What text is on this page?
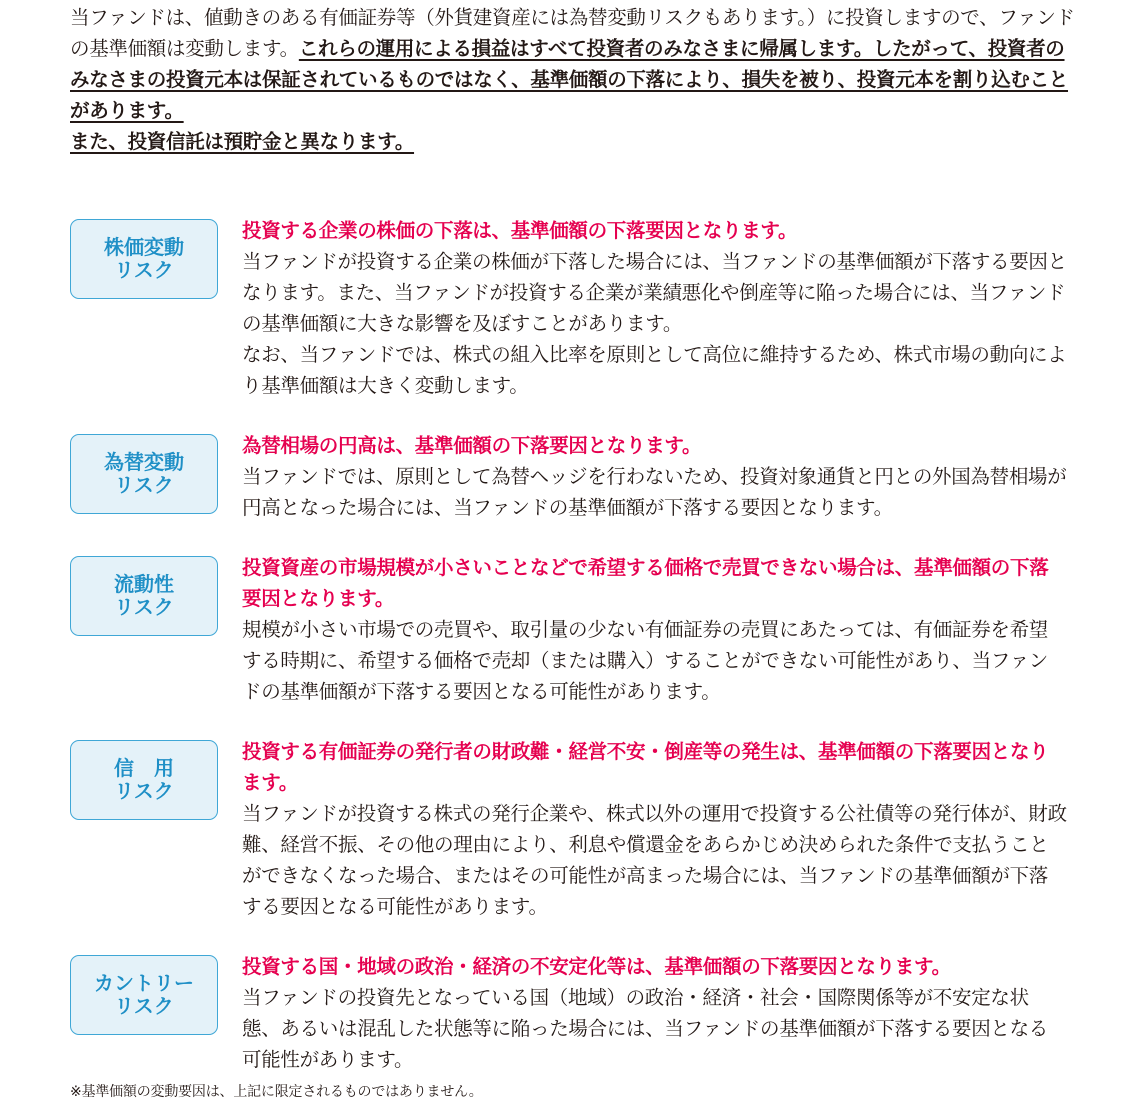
当ファンドは、値動きのある有価証券等（外貨建資産には為替変動リスクもあります。）に投資しますので、ファンドの基準価額は変動します。これらの運用による損益はすべて投資者のみなさまに帰属します。したがって、投資者のみなさまの投資元本は保証されているものではなく、基準価額の下落により、損失を被り、投資元本を割り込むことがあります。

また、投資信託は預貯金と異なります。

株価変動
リスク

投資する企業の株価の下落は、基準価額の下落要因となります。

当ファンドが投資する企業の株価が下落した場合には、当ファンドの基準価額が下落する要因となります。また、当ファンドが投資する企業が業績悪化や倒産等に陥った場合には、当ファンドの基準価額に大きな影響を及ぼすことがあります。

なお、当ファンドでは、株式の組入比率を原則として高位に維持するため、株式市場の動向により基準価額は大きく変動します。

為替変動
リスク

為替相場の円高は、基準価額の下落要因となります。

当ファンドでは、原則として為替ヘッジを行わないため、投資対象通貨と円との外国為替相場が円高となった場合には、当ファンドの基準価額が下落する要因となります。

流動性
リスク

投資資産の市場規模が小さいことなどで希望する価格で売買できない場合は、基準価額の下落要因となります。

規模が小さい市場での売買や、取引量の少ない有価証券の売買にあたっては、有価証券を希望する時期に、希望する価格で売却（または購入）することができない可能性があり、当ファンドの基準価額が下落する要因となる可能性があります。

信　用
リスク

投資する有価証券の発行者の財政難・経営不安・倒産等の発生は、基準価額の下落要因となります。

当ファンドが投資する株式の発行企業や、株式以外の運用で投資する公社債等の発行体が、財政難、経営不振、その他の理由により、利息や償還金をあらかじめ決められた条件で支払うことができなくなった場合、またはその可能性が高まった場合には、当ファンドの基準価額が下落する要因となる可能性があります。

カントリー
リスク

投資する国・地域の政治・経済の不安定化等は、基準価額の下落要因となります。

当ファンドの投資先となっている国（地域）の政治・経済・社会・国際関係等が不安定な状態、あるいは混乱した状態等に陥った場合には、当ファンドの基準価額が下落する要因となる可能性があります。

※基準価額の変動要因は、上記に限定されるものではありません。
